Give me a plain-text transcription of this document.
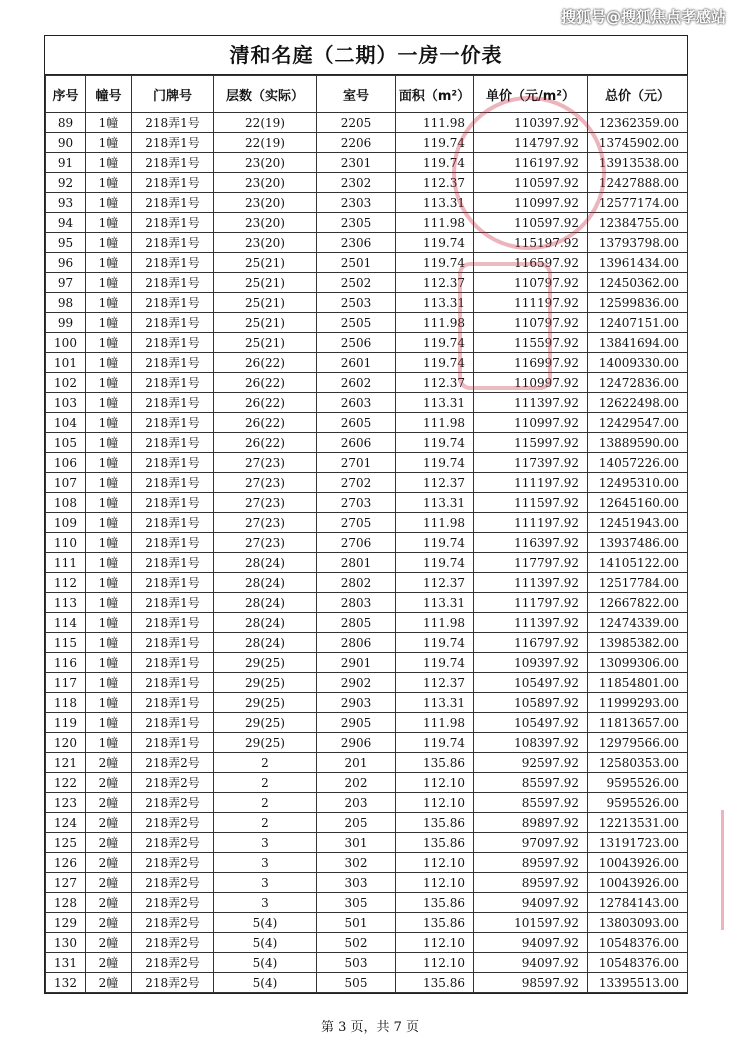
搜狐号@搜狐焦点孝感站
清和名庭（二期）一房一价表
序号	幢号	门牌号	层数（实际）	室号	面积（m²）	单价（元/m²）	总价（元）
89	1幢	218弄1号	22(19)	2205	111.98	110397.92	12362359.00
90	1幢	218弄1号	22(19)	2206	119.74	114797.92	13745902.00
91	1幢	218弄1号	23(20)	2301	119.74	116197.92	13913538.00
92	1幢	218弄1号	23(20)	2302	112.37	110597.92	12427888.00
93	1幢	218弄1号	23(20)	2303	113.31	110997.92	12577174.00
94	1幢	218弄1号	23(20)	2305	111.98	110597.92	12384755.00
95	1幢	218弄1号	23(20)	2306	119.74	115197.92	13793798.00
96	1幢	218弄1号	25(21)	2501	119.74	116597.92	13961434.00
97	1幢	218弄1号	25(21)	2502	112.37	110797.92	12450362.00
98	1幢	218弄1号	25(21)	2503	113.31	111197.92	12599836.00
99	1幢	218弄1号	25(21)	2505	111.98	110797.92	12407151.00
100	1幢	218弄1号	25(21)	2506	119.74	115597.92	13841694.00
101	1幢	218弄1号	26(22)	2601	119.74	116997.92	14009330.00
102	1幢	218弄1号	26(22)	2602	112.37	110997.92	12472836.00
103	1幢	218弄1号	26(22)	2603	113.31	111397.92	12622498.00
104	1幢	218弄1号	26(22)	2605	111.98	110997.92	12429547.00
105	1幢	218弄1号	26(22)	2606	119.74	115997.92	13889590.00
106	1幢	218弄1号	27(23)	2701	119.74	117397.92	14057226.00
107	1幢	218弄1号	27(23)	2702	112.37	111197.92	12495310.00
108	1幢	218弄1号	27(23)	2703	113.31	111597.92	12645160.00
109	1幢	218弄1号	27(23)	2705	111.98	111197.92	12451943.00
110	1幢	218弄1号	27(23)	2706	119.74	116397.92	13937486.00
111	1幢	218弄1号	28(24)	2801	119.74	117797.92	14105122.00
112	1幢	218弄1号	28(24)	2802	112.37	111397.92	12517784.00
113	1幢	218弄1号	28(24)	2803	113.31	111797.92	12667822.00
114	1幢	218弄1号	28(24)	2805	111.98	111397.92	12474339.00
115	1幢	218弄1号	28(24)	2806	119.74	116797.92	13985382.00
116	1幢	218弄1号	29(25)	2901	119.74	109397.92	13099306.00
117	1幢	218弄1号	29(25)	2902	112.37	105497.92	11854801.00
118	1幢	218弄1号	29(25)	2903	113.31	105897.92	11999293.00
119	1幢	218弄1号	29(25)	2905	111.98	105497.92	11813657.00
120	1幢	218弄1号	29(25)	2906	119.74	108397.92	12979566.00
121	2幢	218弄2号	2	201	135.86	92597.92	12580353.00
122	2幢	218弄2号	2	202	112.10	85597.92	9595526.00
123	2幢	218弄2号	2	203	112.10	85597.92	9595526.00
124	2幢	218弄2号	2	205	135.86	89897.92	12213531.00
125	2幢	218弄2号	3	301	135.86	97097.92	13191723.00
126	2幢	218弄2号	3	302	112.10	89597.92	10043926.00
127	2幢	218弄2号	3	303	112.10	89597.92	10043926.00
128	2幢	218弄2号	3	305	135.86	94097.92	12784143.00
129	2幢	218弄2号	5(4)	501	135.86	101597.92	13803093.00
130	2幢	218弄2号	5(4)	502	112.10	94097.92	10548376.00
131	2幢	218弄2号	5(4)	503	112.10	94097.92	10548376.00
132	2幢	218弄2号	5(4)	505	135.86	98597.92	13395513.00
第 3 页，共 7 页
